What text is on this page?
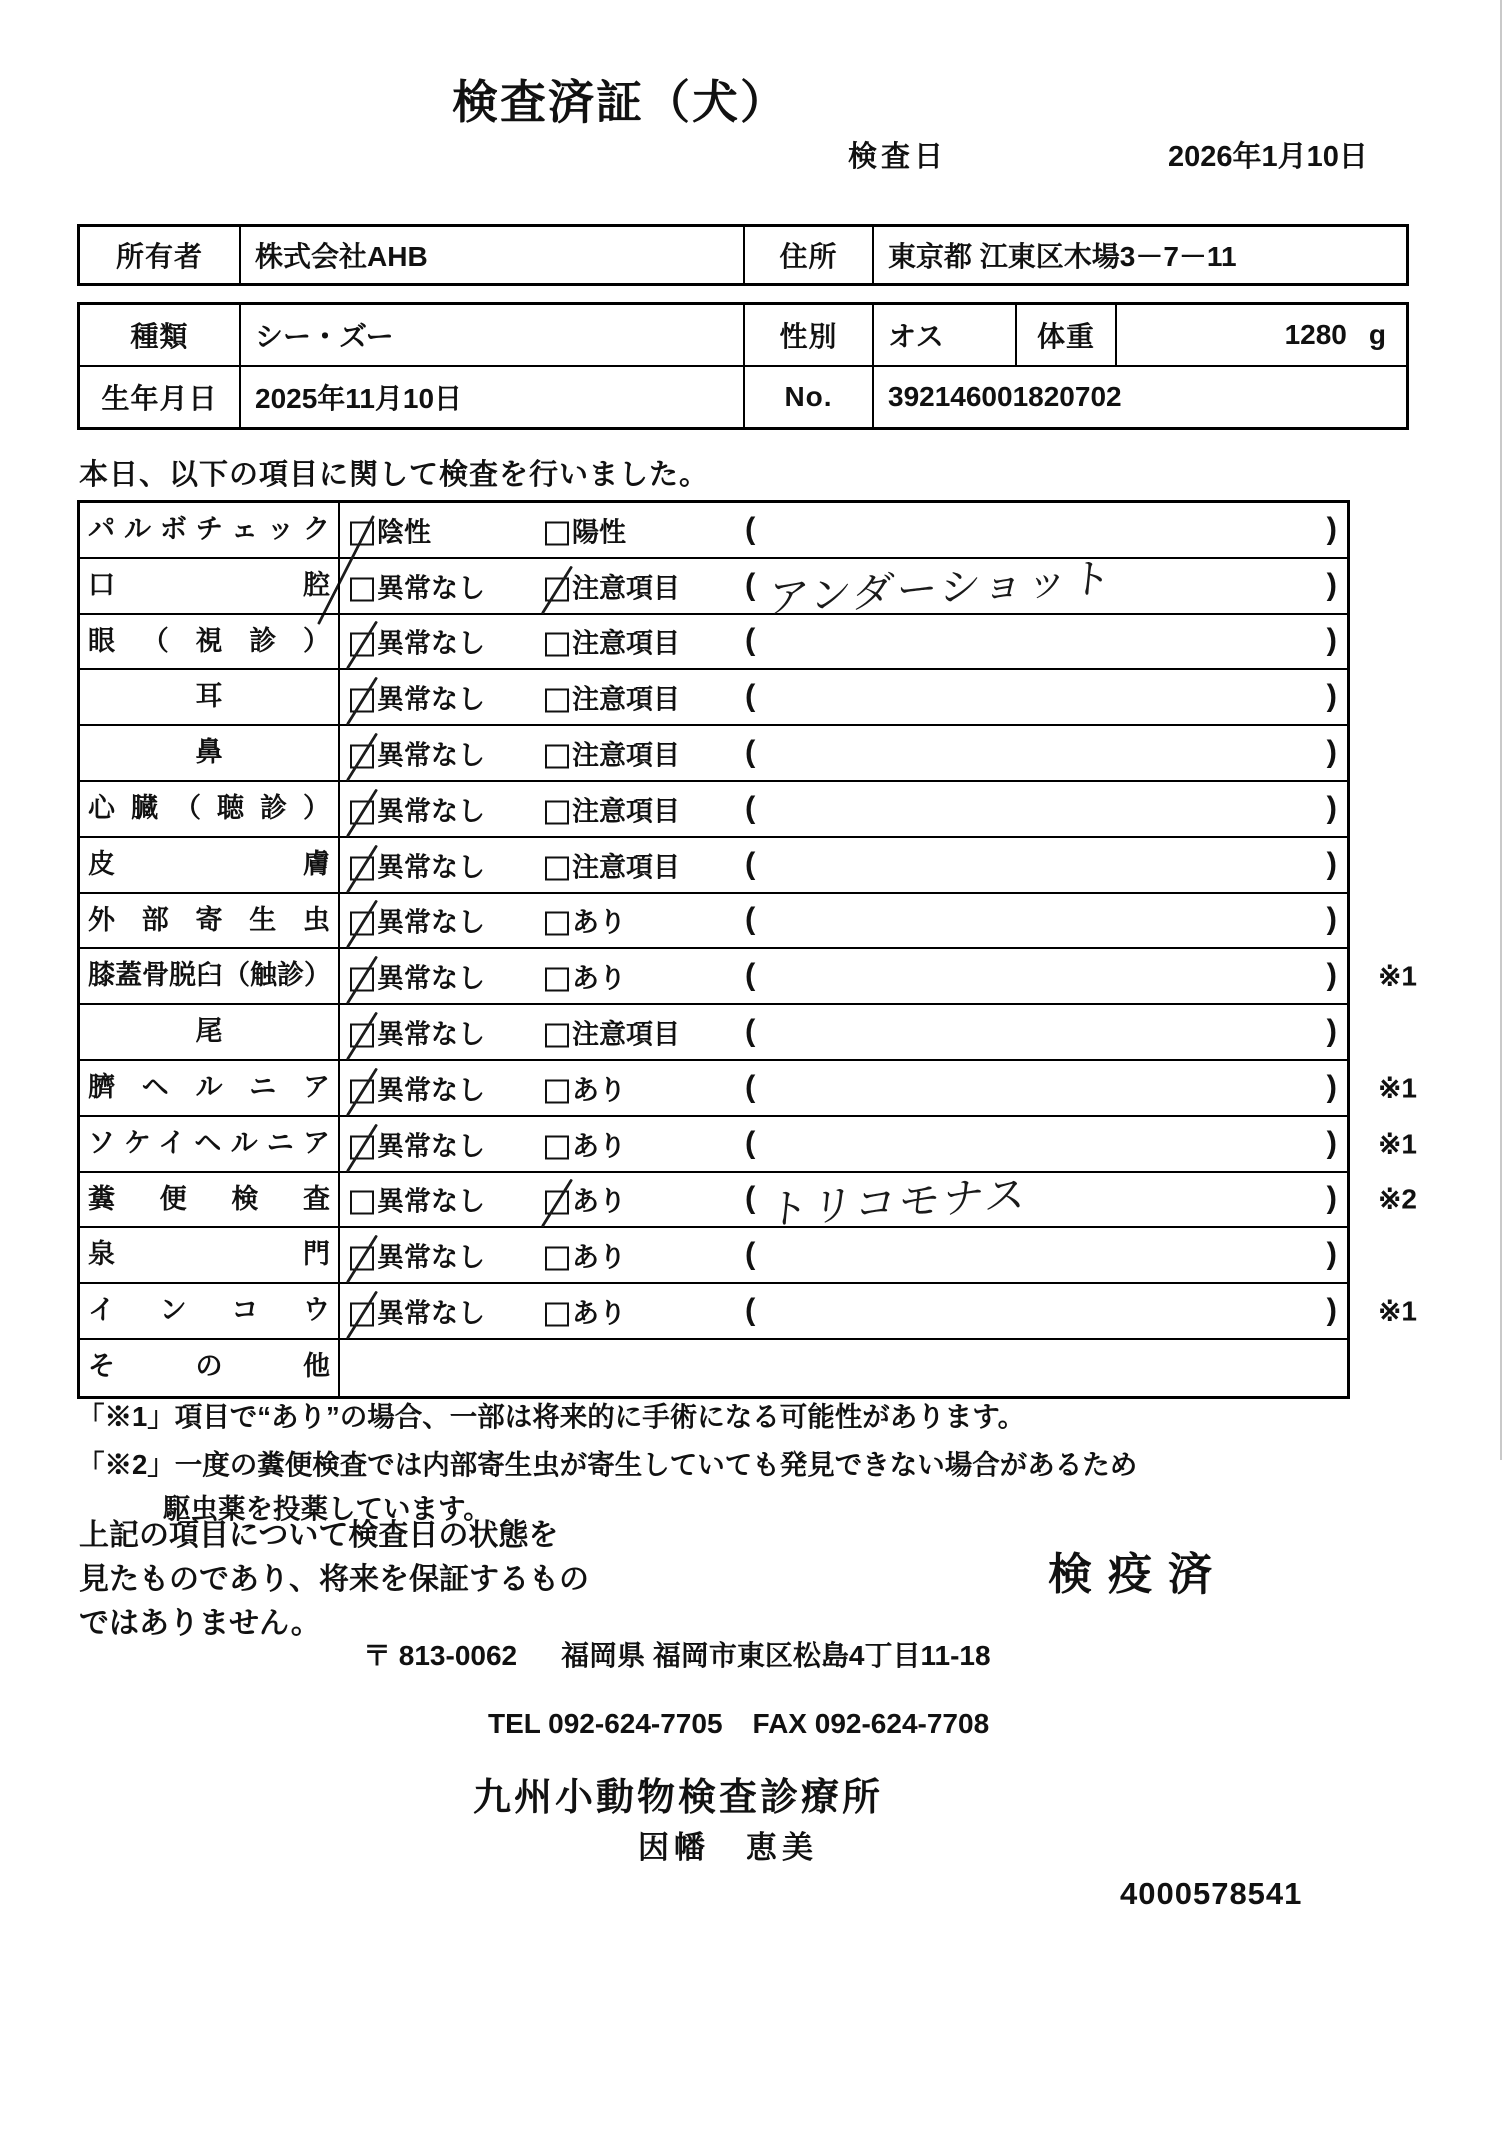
検査済証（犬）
検査日	2026年1月10日
所有者	株式会社AHB	住所	東京都 江東区木場3－7－11
種類	シー・ズー	性別	オス	体重	1280 g
生年月日	2025年11月10日	No.	392146001820702
本日、以下の項目に関して検査を行いました。
パルボチェック	陰性	陽性	(	)
口腔	異常なし	注意項目 ( アンダーショット	)
眼（視診）	異常なし	注意項目 (	)
耳	異常なし	注意項目 (	)
鼻	異常なし	注意項目 (	)
心臓（聴診）	異常なし	注意項目 (	)
皮膚	異常なし	注意項目 (	)
外部寄生虫	異常なし	あり	(	)
膝蓋骨脱臼（触診）	異常なし	あり	(	) ※1
尾	異常なし	注意項目 (	)
臍ヘルニア	異常なし	あり	(	) ※1
ソケイヘルニア	異常なし	あり	(	) ※1
糞便検査	異常なし	あり	( トリコモナス	) ※2
泉門	異常なし	あり	(	)
インコウ	異常なし	あり	(	) ※1
その他
「※1」項目で“あり”の場合、一部は将来的に手術になる可能性があります。
「※2」一度の糞便検査では内部寄生虫が寄生していても発見できない場合があるため
駆虫薬を投薬しています。
上記の項目について検査日の状態を
見たものであり、将来を保証するもの
ではありません。
検疫済
〒 813-0062 福岡県 福岡市東区松島4丁目11-18
TEL 092-624-7705 FAX 092-624-7708
九州小動物検査診療所
因幡　恵美
4000578541
